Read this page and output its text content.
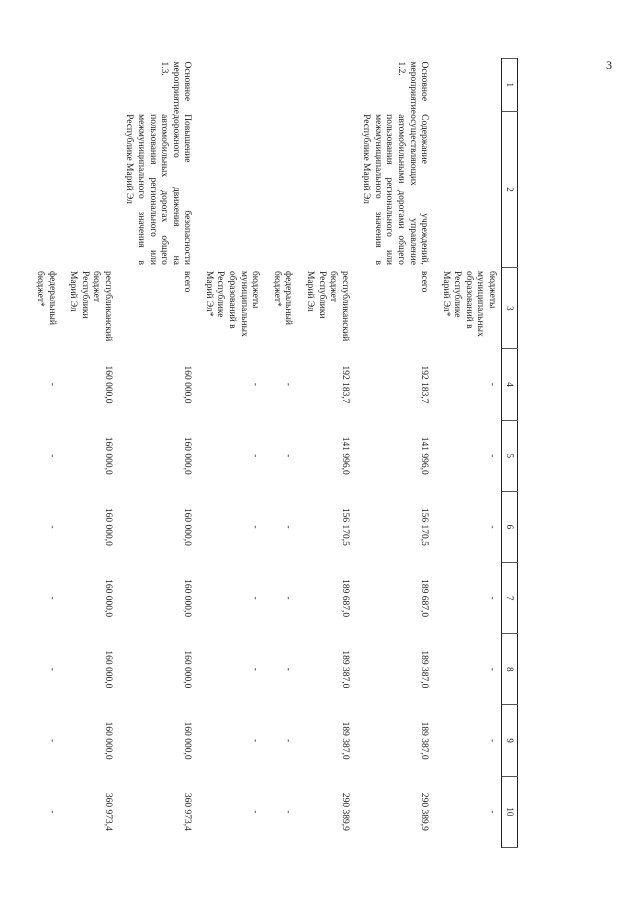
3
1	2	3	4	5	6	7	8	9	10
		бюджеты муниципальных образований в Республике Марий Эл*	-	-	-	-	-	-	-
Основное мероприятие 1.2.	Содержание учреждений, осуществляющих управление автомобильными дорогами общего пользования регионального или межмуниципального значения в Республике Марий Эл	всего	192 183,7	141 996,0	156 170,5	189 687,0	189 387,0	189 387,0	290 389,9
		республиканский бюджет Республики Марий Эл	192 183,7	141 996,0	156 170,5	189 687,0	189 387,0	189 387,0	290 389,9
		федеральный бюджет*	-	-	-	-	-	-	-
		бюджеты муниципальных образований в Республике Марий Эл*	-	-	-	-	-	-	-
Основное мероприятие 1.3.	Повышение безопасности дорожного движения на автомобильных дорогах общего пользования регионального или межмуниципального значения в Республике Марий Эл	всего	160 000,0	160 000,0	160 000,0	160 000,0	160 000,0	160 000,0	360 973,4
		республиканский бюджет Республики Марий Эл	160 000,0	160 000,0	160 000,0	160 000,0	160 000,0	160 000,0	360 973,4
		федеральный бюджет*	-	-	-	-	-	-	-
